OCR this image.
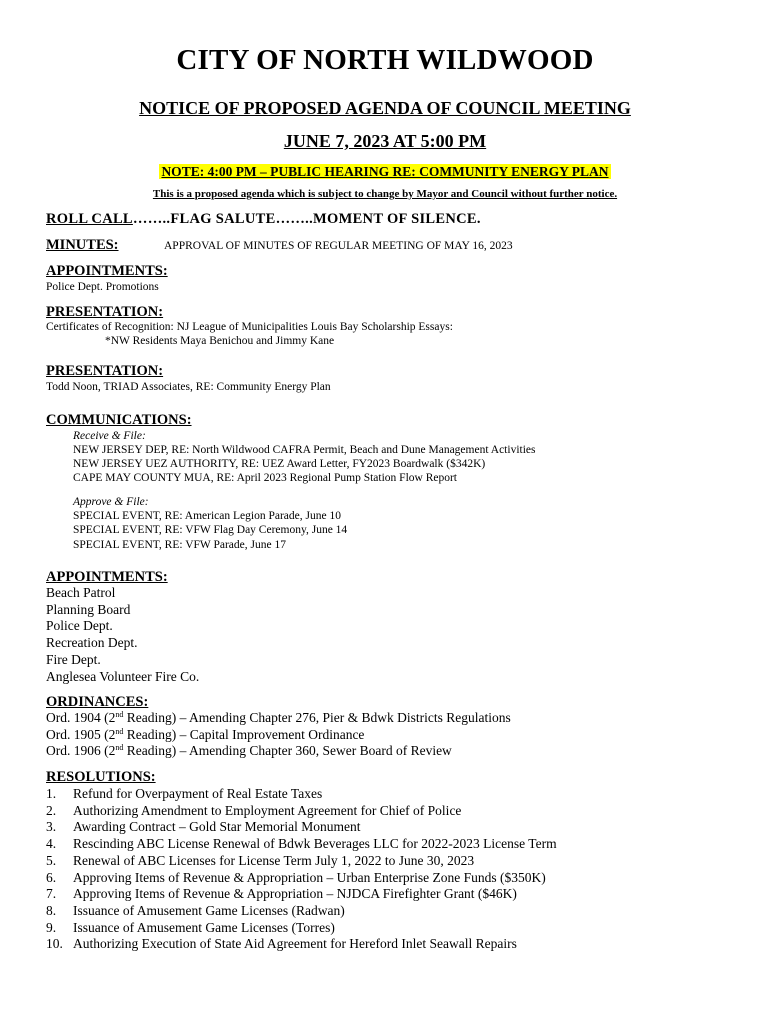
CITY OF NORTH WILDWOOD
NOTICE OF PROPOSED AGENDA OF COUNCIL MEETING
JUNE 7, 2023 AT 5:00 PM
NOTE: 4:00 PM – PUBLIC HEARING RE: COMMUNITY ENERGY PLAN
This is a proposed agenda which is subject to change by Mayor and Council without further notice.
ROLL CALL……..FLAG SALUTE……..MOMENT OF SILENCE.
MINUTES:	APPROVAL OF MINUTES OF REGULAR MEETING OF MAY 16, 2023
APPOINTMENTS:
Police Dept. Promotions
PRESENTATION:
Certificates of Recognition: NJ League of Municipalities Louis Bay Scholarship Essays:
*NW Residents Maya Benichou and Jimmy Kane
PRESENTATION:
Todd Noon, TRIAD Associates, RE: Community Energy Plan
COMMUNICATIONS:
Receive & File:
NEW JERSEY DEP, RE: North Wildwood CAFRA Permit, Beach and Dune Management Activities
NEW JERSEY UEZ AUTHORITY, RE: UEZ Award Letter, FY2023 Boardwalk ($342K)
CAPE MAY COUNTY MUA, RE: April 2023 Regional Pump Station Flow Report
Approve & File:
SPECIAL EVENT, RE: American Legion Parade, June 10
SPECIAL EVENT, RE: VFW Flag Day Ceremony, June 14
SPECIAL EVENT, RE: VFW Parade, June 17
APPOINTMENTS:
Beach Patrol
Planning Board
Police Dept.
Recreation Dept.
Fire Dept.
Anglesea Volunteer Fire Co.
ORDINANCES:
Ord. 1904 (2nd Reading) – Amending Chapter 276, Pier & Bdwk Districts Regulations
Ord. 1905 (2nd Reading) – Capital Improvement Ordinance
Ord. 1906 (2nd Reading) – Amending Chapter 360, Sewer Board of Review
RESOLUTIONS:
1.	Refund for Overpayment of Real Estate Taxes
2.	Authorizing Amendment to Employment Agreement for Chief of Police
3.	Awarding Contract – Gold Star Memorial Monument
4.	Rescinding ABC License Renewal of Bdwk Beverages LLC for 2022-2023 License Term
5.	Renewal of ABC Licenses for License Term July 1, 2022 to June 30, 2023
6.	Approving Items of Revenue & Appropriation – Urban Enterprise Zone Funds ($350K)
7.	Approving Items of Revenue & Appropriation – NJDCA Firefighter Grant ($46K)
8.	Issuance of Amusement Game Licenses (Radwan)
9.	Issuance of Amusement Game Licenses (Torres)
10. Authorizing Execution of State Aid Agreement for Hereford Inlet Seawall Repairs
